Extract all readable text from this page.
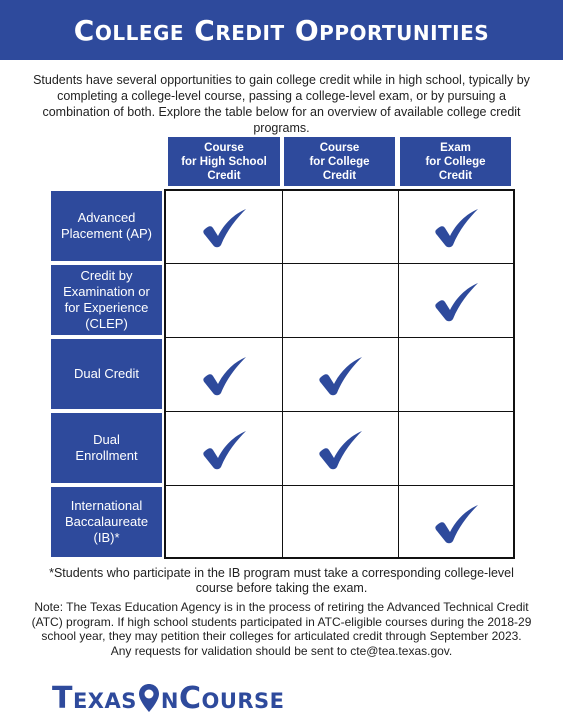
College Credit Opportunities
Students have several opportunities to gain college credit while in high school, typically by completing a college-level course, passing a college-level exam, or by pursuing a combination of both. Explore the table below for an overview of available college credit programs.
Course
for High School
Credit
Course
for College
Credit
Exam
for College
Credit
Advanced
Placement (AP)
Credit by
Examination or
for Experience
(CLEP)
Dual Credit
Dual
Enrollment
International
Baccalaureate
(IB)*
*Students who participate in the IB program must take a corresponding college-level course before taking the exam.
Note: The Texas Education Agency is in the process of retiring the Advanced Technical Credit (ATC) program. If high school students participated in ATC-eligible courses during the 2018-29 school year, they may petition their colleges for articulated credit through September 2023. Any requests for validation should be sent to cte@tea.texas.gov.
Texas nCourse
